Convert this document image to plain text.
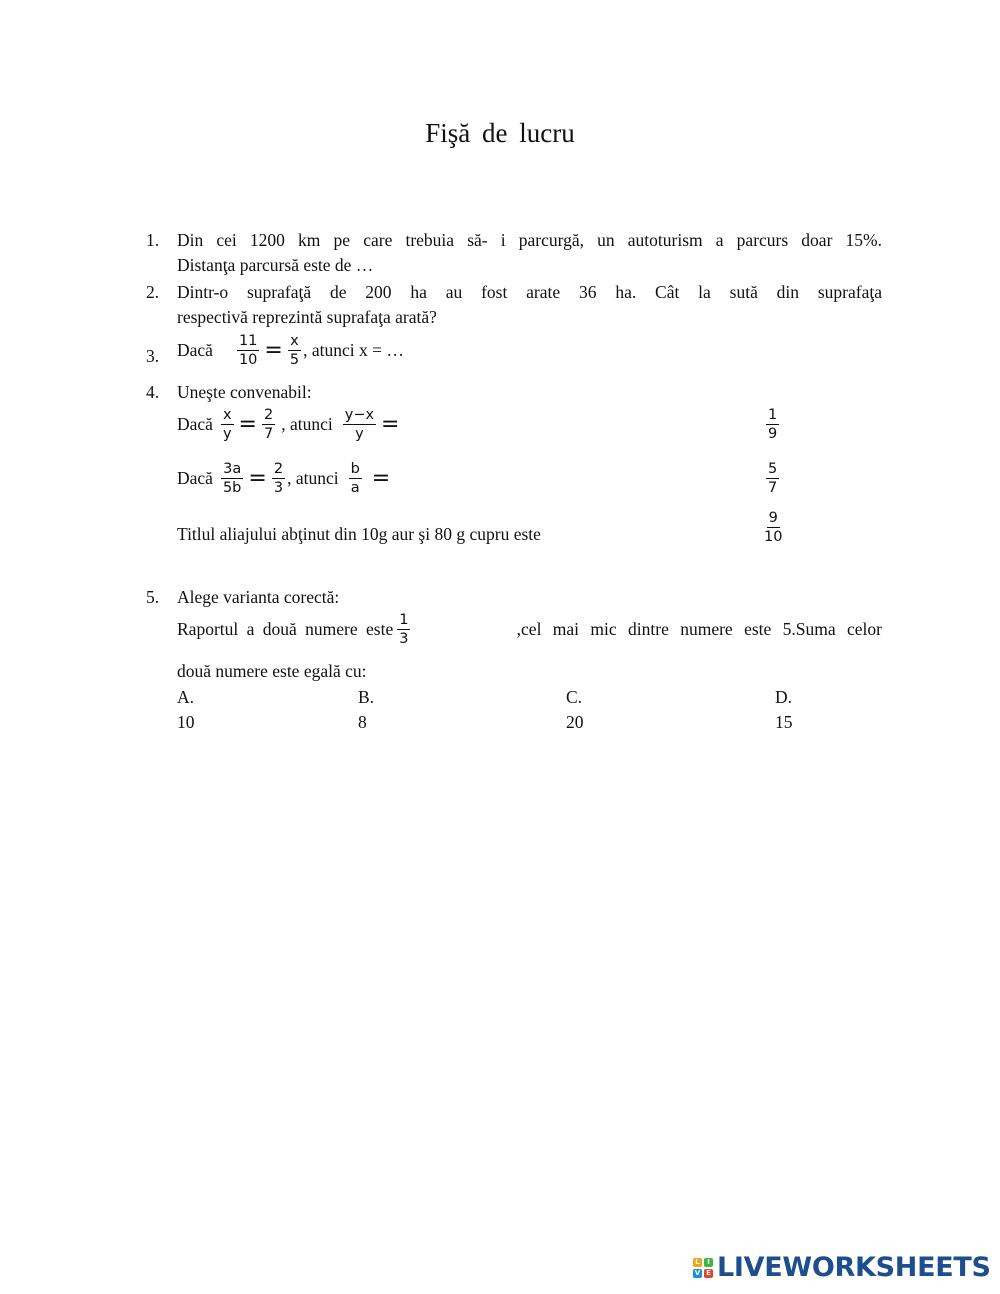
Fişă de lucru
1. Din cei 1200 km pe care trebuia să- i parcurgă, un autoturism a parcurs doar 15%.
Distanţa parcursă este de …
2. Dintr-o suprafaţă de 200 ha au fost arate 36 ha. Cât la sută din suprafaţa
respectivă reprezintă suprafaţa arată?
3. Dacă $\frac{11}{10} = \frac{x}{5}$ , atunci x = …
4. Uneşte convenabil:
Dacă $\frac{x}{y} = \frac{2}{7}$ , atunci $\frac{y-x}{y}$ =
Dacă $\frac{3a}{5b} = \frac{2}{3}$ , atunci $\frac{b}{a}$ =
Titlul aliajului abţinut din 10g aur şi 80 g cupru este
$\frac{1}{9}$
$\frac{5}{7}$
$\frac{9}{10}$
5. Alege varianta corectă:
Raportul a două numere este $\frac{1}{3}$	,cel mai mic dintre numere este 5.Suma celor
două numere este egală cu:
A. 10
B. 8
C. 20
D. 15
L	I
V E LIVEWORKSHEETS
